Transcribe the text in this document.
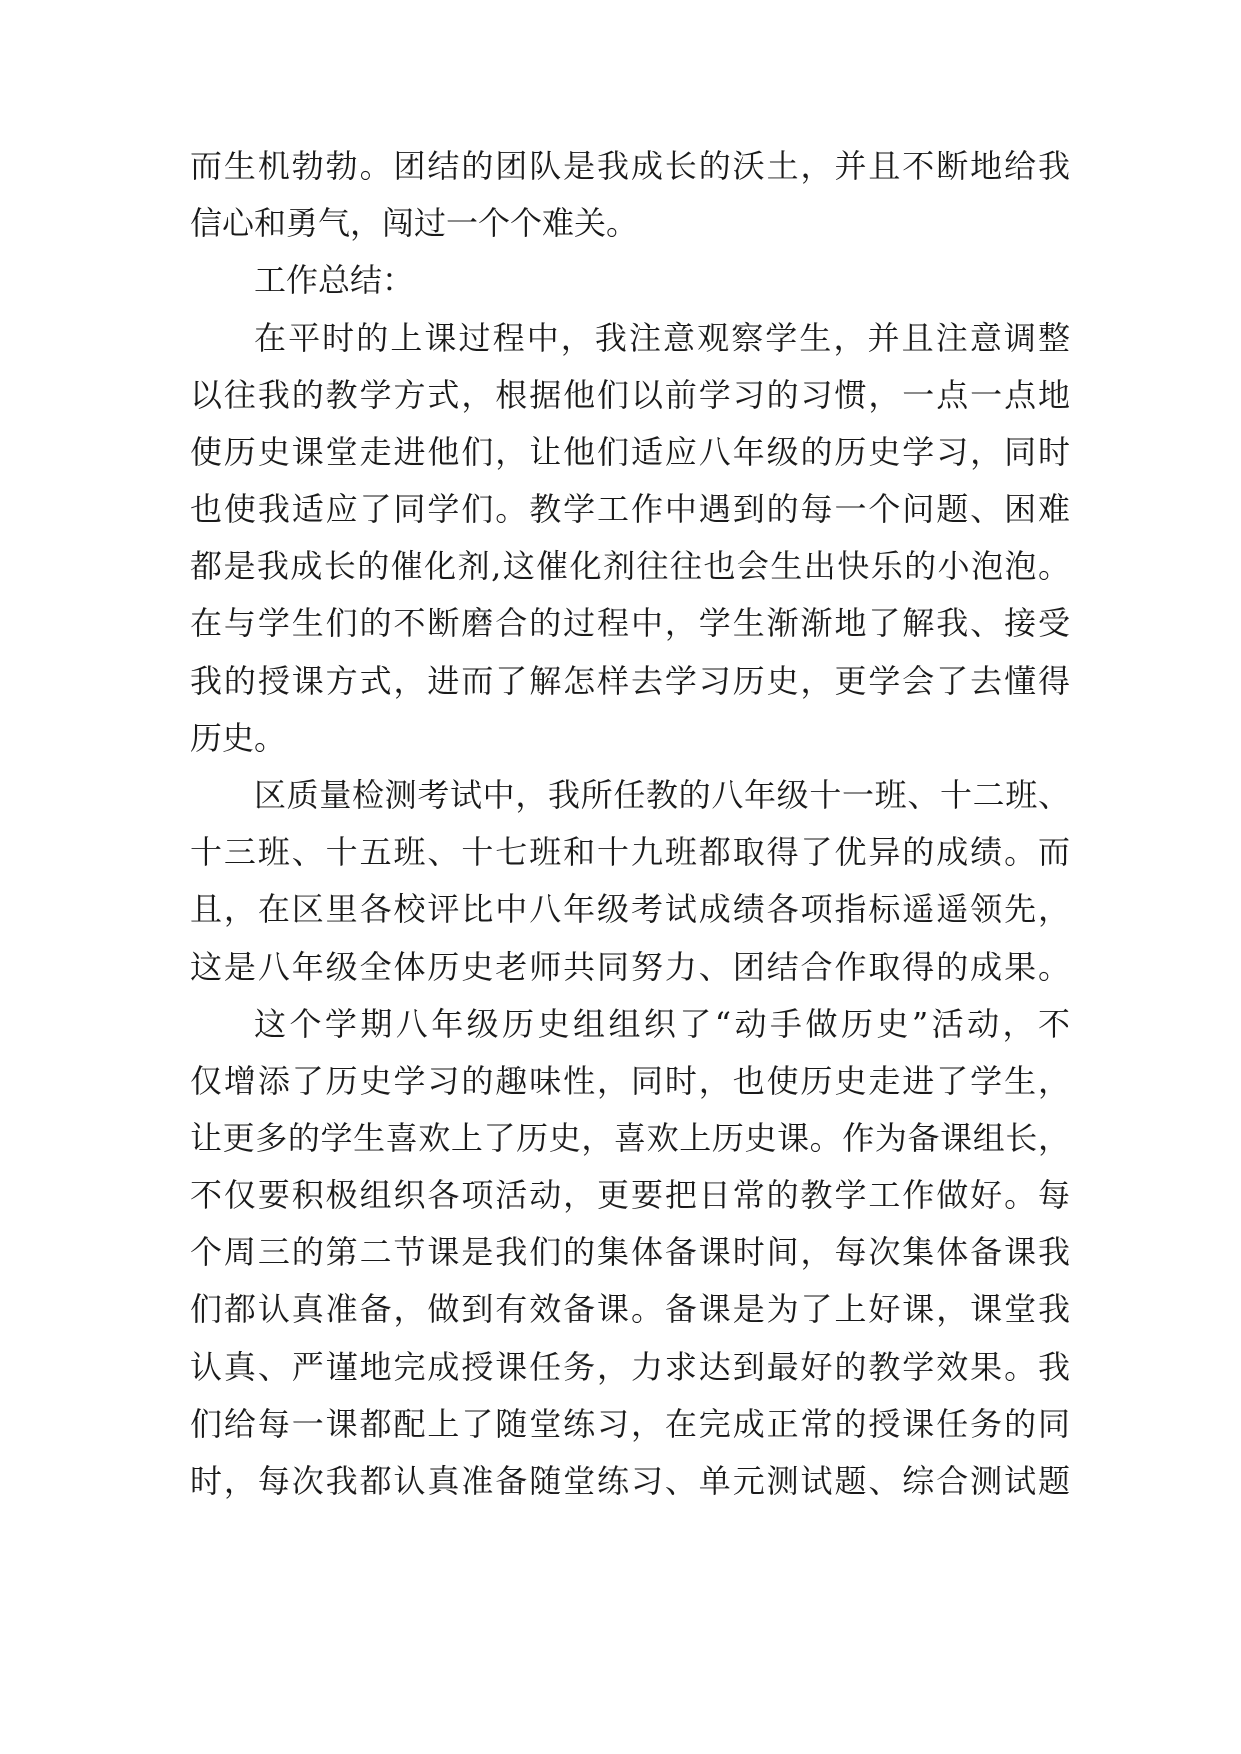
而生机勃勃。团结的团队是我成长的沃土，并且不断地给我

信心和勇气，闯过一个个难关。

工作总结：

在平时的上课过程中，我注意观察学生，并且注意调整

以往我的教学方式，根据他们以前学习的习惯，一点一点地

使历史课堂走进他们，让他们适应八年级的历史学习，同时

也使我适应了同学们。教学工作中遇到的每一个问题、困难

都是我成长的催化剂,这催化剂往往也会生出快乐的小泡泡。

在与学生们的不断磨合的过程中，学生渐渐地了解我、接受

我的授课方式，进而了解怎样去学习历史，更学会了去懂得

历史。

区质量检测考试中，我所任教的八年级十一班、十二班、

十三班、十五班、十七班和十九班都取得了优异的成绩。而

且，在区里各校评比中八年级考试成绩各项指标遥遥领先，

这是八年级全体历史老师共同努力、团结合作取得的成果。

这个学期八年级历史组组织了“动手做历史”活动，不

仅增添了历史学习的趣味性，同时，也使历史走进了学生，

让更多的学生喜欢上了历史，喜欢上历史课。作为备课组长，

不仅要积极组织各项活动，更要把日常的教学工作做好。每

个周三的第二节课是我们的集体备课时间，每次集体备课我

们都认真准备，做到有效备课。备课是为了上好课，课堂我

认真、严谨地完成授课任务，力求达到最好的教学效果。我

们给每一课都配上了随堂练习，在完成正常的授课任务的同

时，每次我都认真准备随堂练习、单元测试题、综合测试题
